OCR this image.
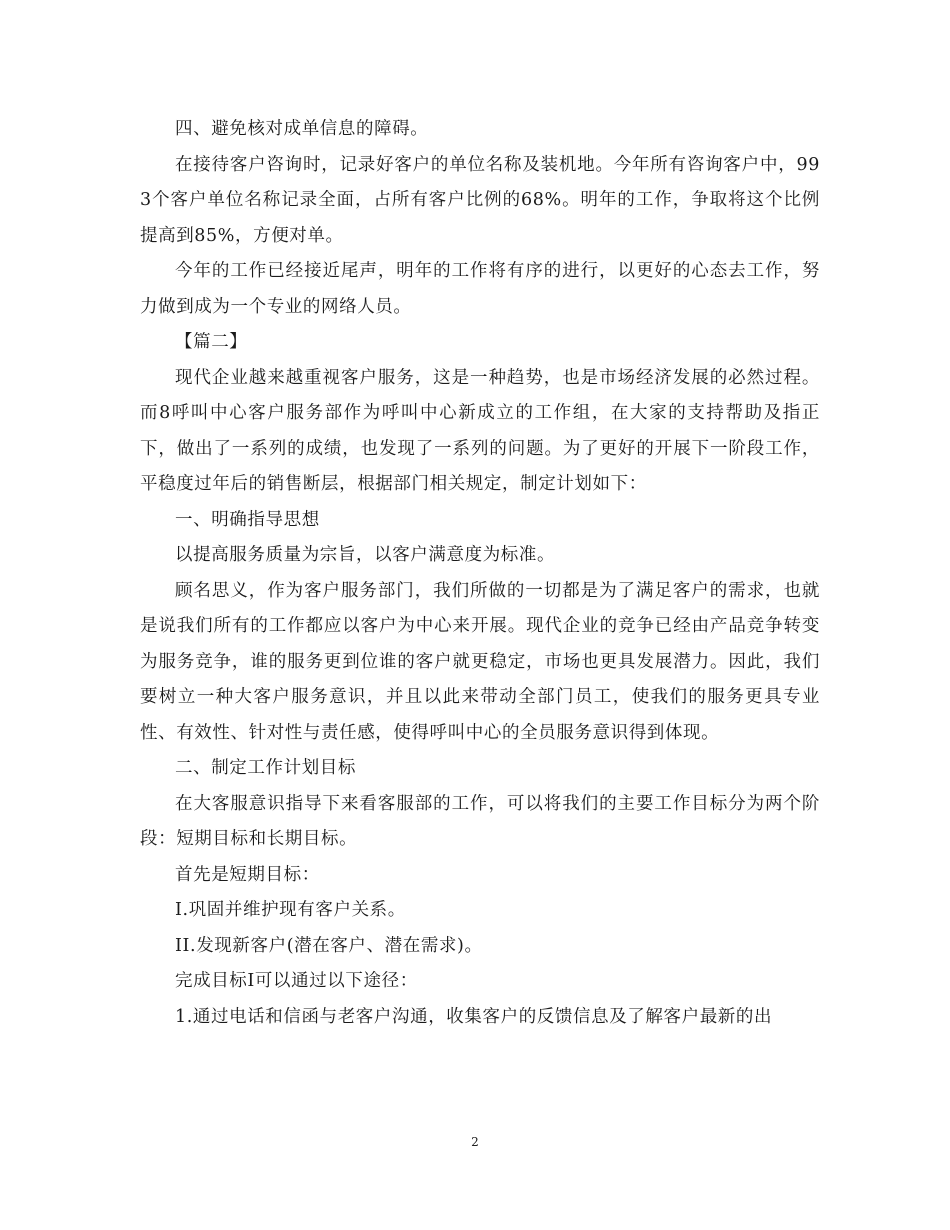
四、避免核对成单信息的障碍。

在接待客户咨询时，记录好客户的单位名称及装机地。今年所有咨询客户中，993个客户单位名称记录全面，占所有客户比例的68%。明年的工作，争取将这个比例提高到85%，方便对单。

今年的工作已经接近尾声，明年的工作将有序的进行，以更好的心态去工作，努力做到成为一个专业的网络人员。

【篇二】

现代企业越来越重视客户服务，这是一种趋势，也是市场经济发展的必然过程。而8呼叫中心客户服务部作为呼叫中心新成立的工作组，在大家的支持帮助及指正下，做出了一系列的成绩，也发现了一系列的问题。为了更好的开展下一阶段工作，平稳度过年后的销售断层，根据部门相关规定，制定计划如下：

一、明确指导思想

以提高服务质量为宗旨，以客户满意度为标准。

顾名思义，作为客户服务部门，我们所做的一切都是为了满足客户的需求，也就是说我们所有的工作都应以客户为中心来开展。现代企业的竞争已经由产品竞争转变为服务竞争，谁的服务更到位谁的客户就更稳定，市场也更具发展潜力。因此，我们要树立一种大客户服务意识，并且以此来带动全部门员工，使我们的服务更具专业性、有效性、针对性与责任感，使得呼叫中心的全员服务意识得到体现。

二、制定工作计划目标

在大客服意识指导下来看客服部的工作，可以将我们的主要工作目标分为两个阶段：短期目标和长期目标。

首先是短期目标：

I.巩固并维护现有客户关系。

II.发现新客户(潜在客户、潜在需求)。

完成目标I可以通过以下途径：

1.通过电话和信函与老客户沟通，收集客户的反馈信息及了解客户最新的出

2
